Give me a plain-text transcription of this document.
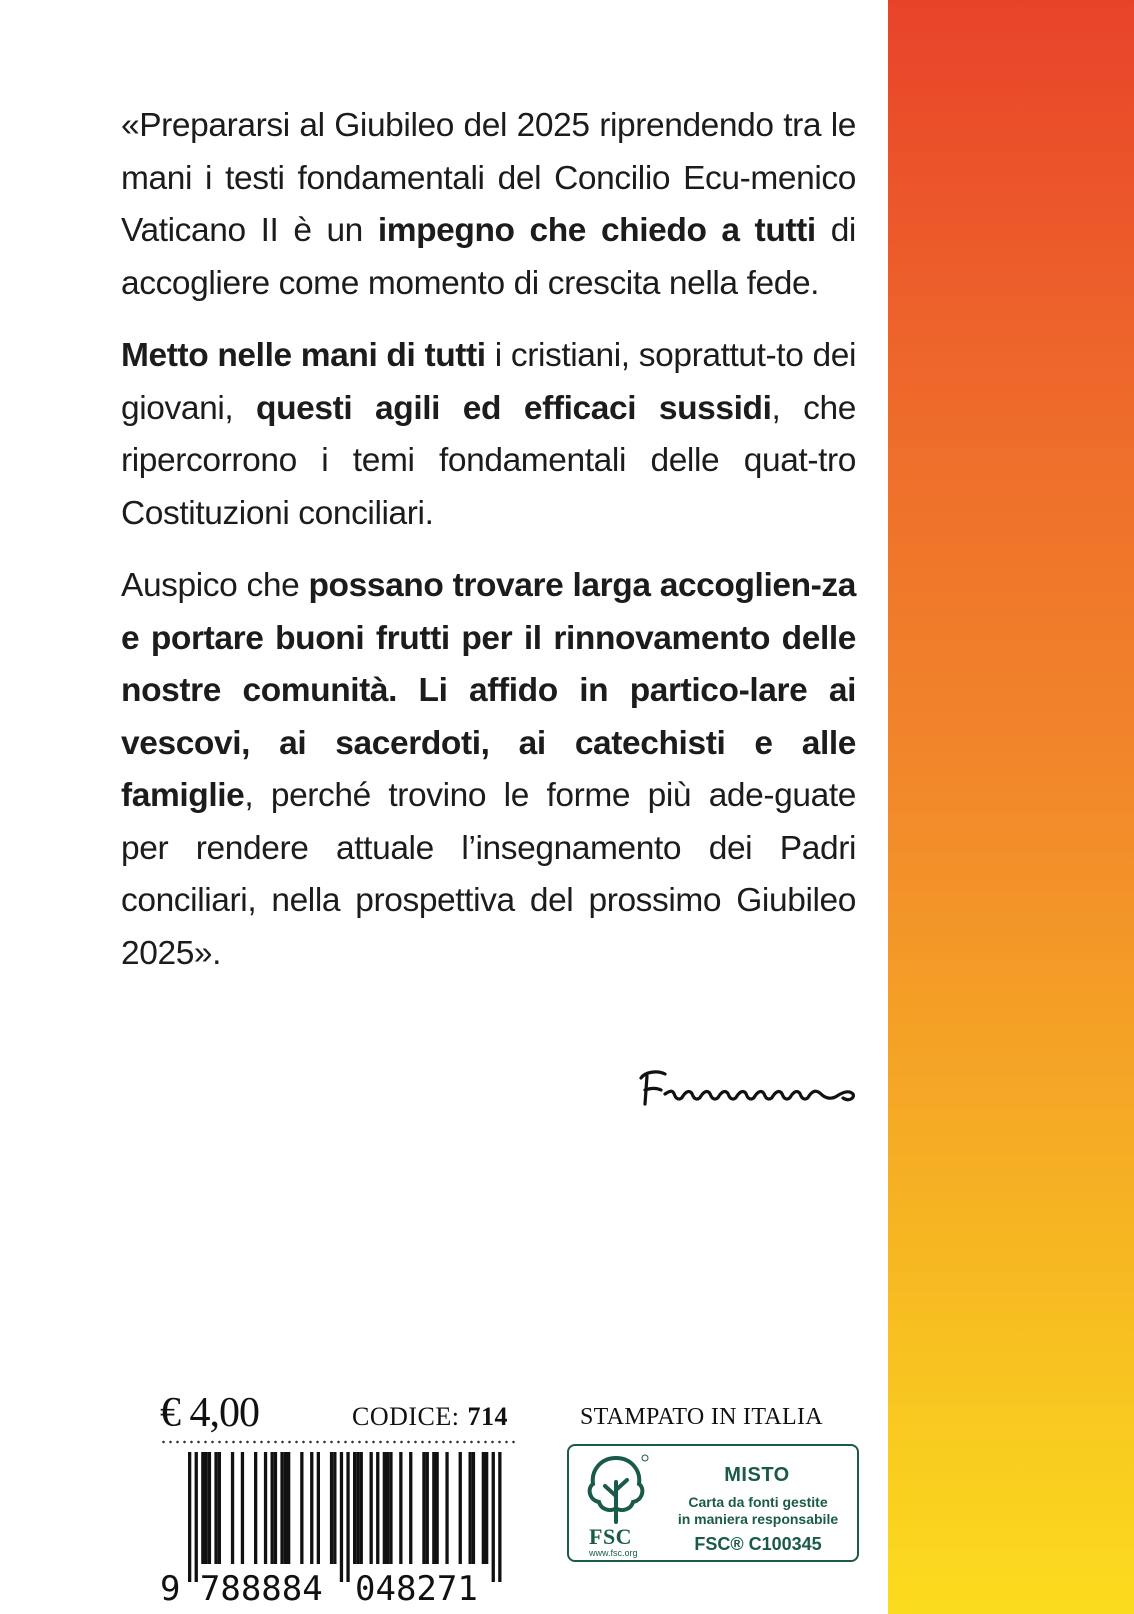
«Prepararsi al Giubileo del 2025 riprendendo tra le mani i testi fondamentali del Concilio Ecu-menico Vaticano II è un impegno che chiedo a tutti di accogliere come momento di crescita nella fede.

Metto nelle mani di tutti i cristiani, soprattut-to dei giovani, questi agili ed efficaci sussidi, che ripercorrono i temi fondamentali delle quat-tro Costituzioni conciliari.

Auspico che possano trovare larga accoglien-za e portare buoni frutti per il rinnovamento delle nostre comunità. Li affido in partico-lare ai vescovi, ai sacerdoti, ai catechisti e alle famiglie, perché trovino le forme più ade-guate per rendere attuale l’insegnamento dei Padri conciliari, nella prospettiva del prossimo Giubileo 2025».

€ 4,00	CODICE: 714
9 788884 048271
STAMPATO IN ITALIA
FSC
www.fsc.org
MISTO
Carta da fonti gestite
in maniera responsabile
FSC® C100345
